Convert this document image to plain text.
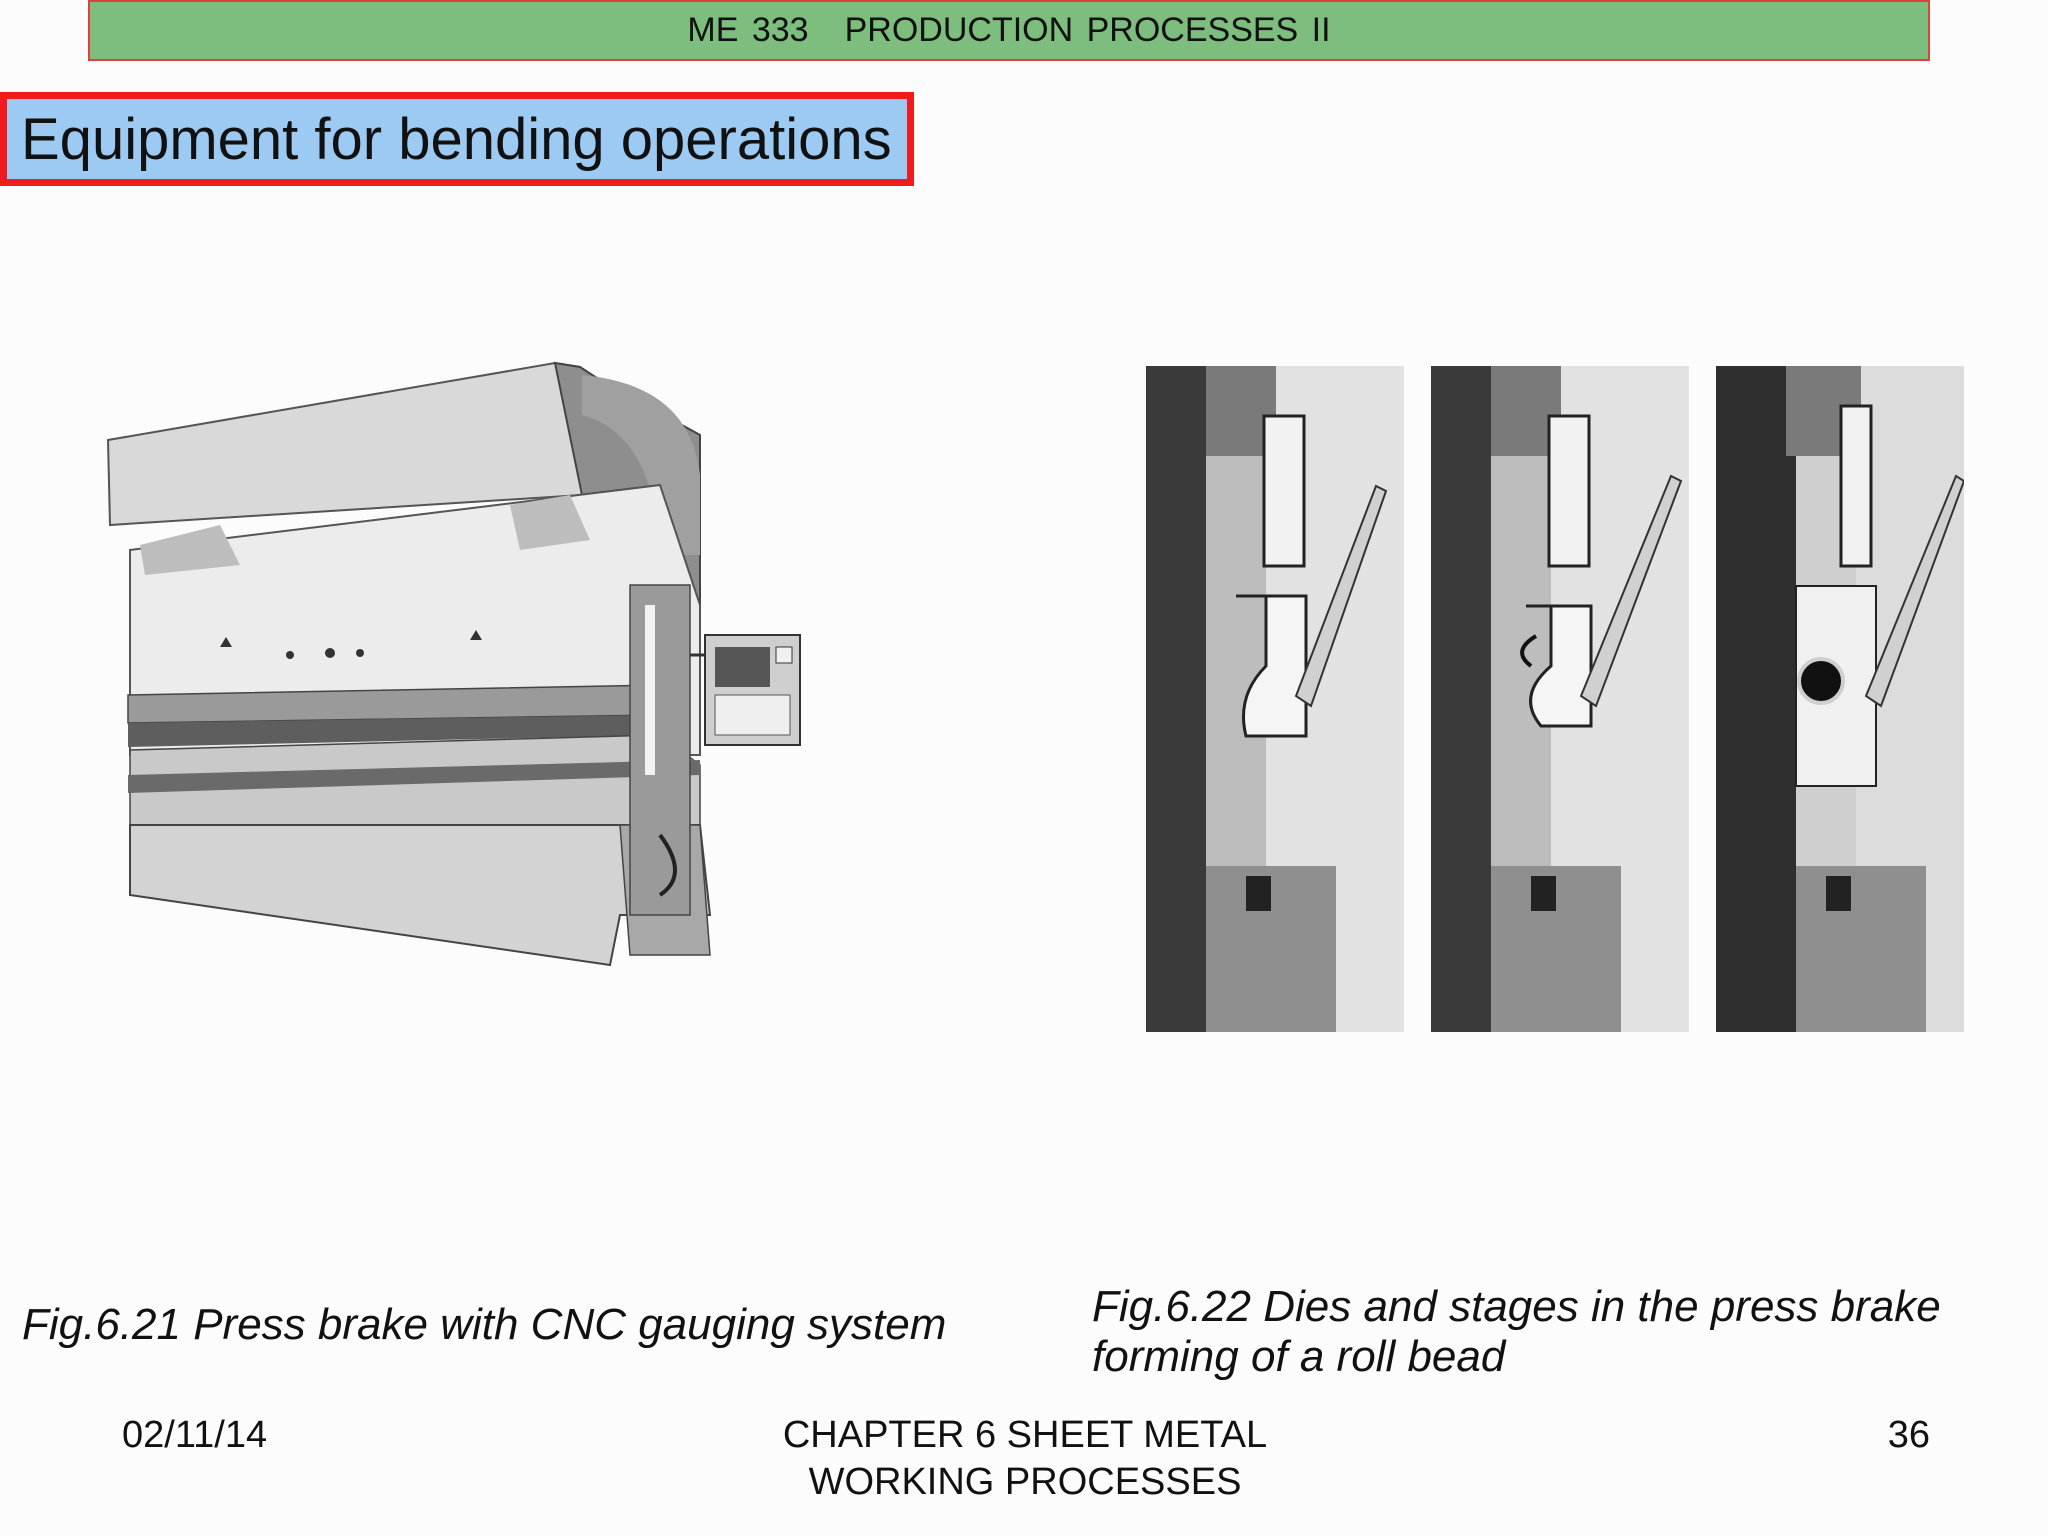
ME 333 PRODUCTION PROCESSES II
Equipment for bending operations
Fig.6.21 Press brake with CNC gauging system	Fig.6.22 Dies and stages in the press brake forming of a roll bead
02/11/14	CHAPTER 6 SHEET METAL WORKING PROCESSES
36
